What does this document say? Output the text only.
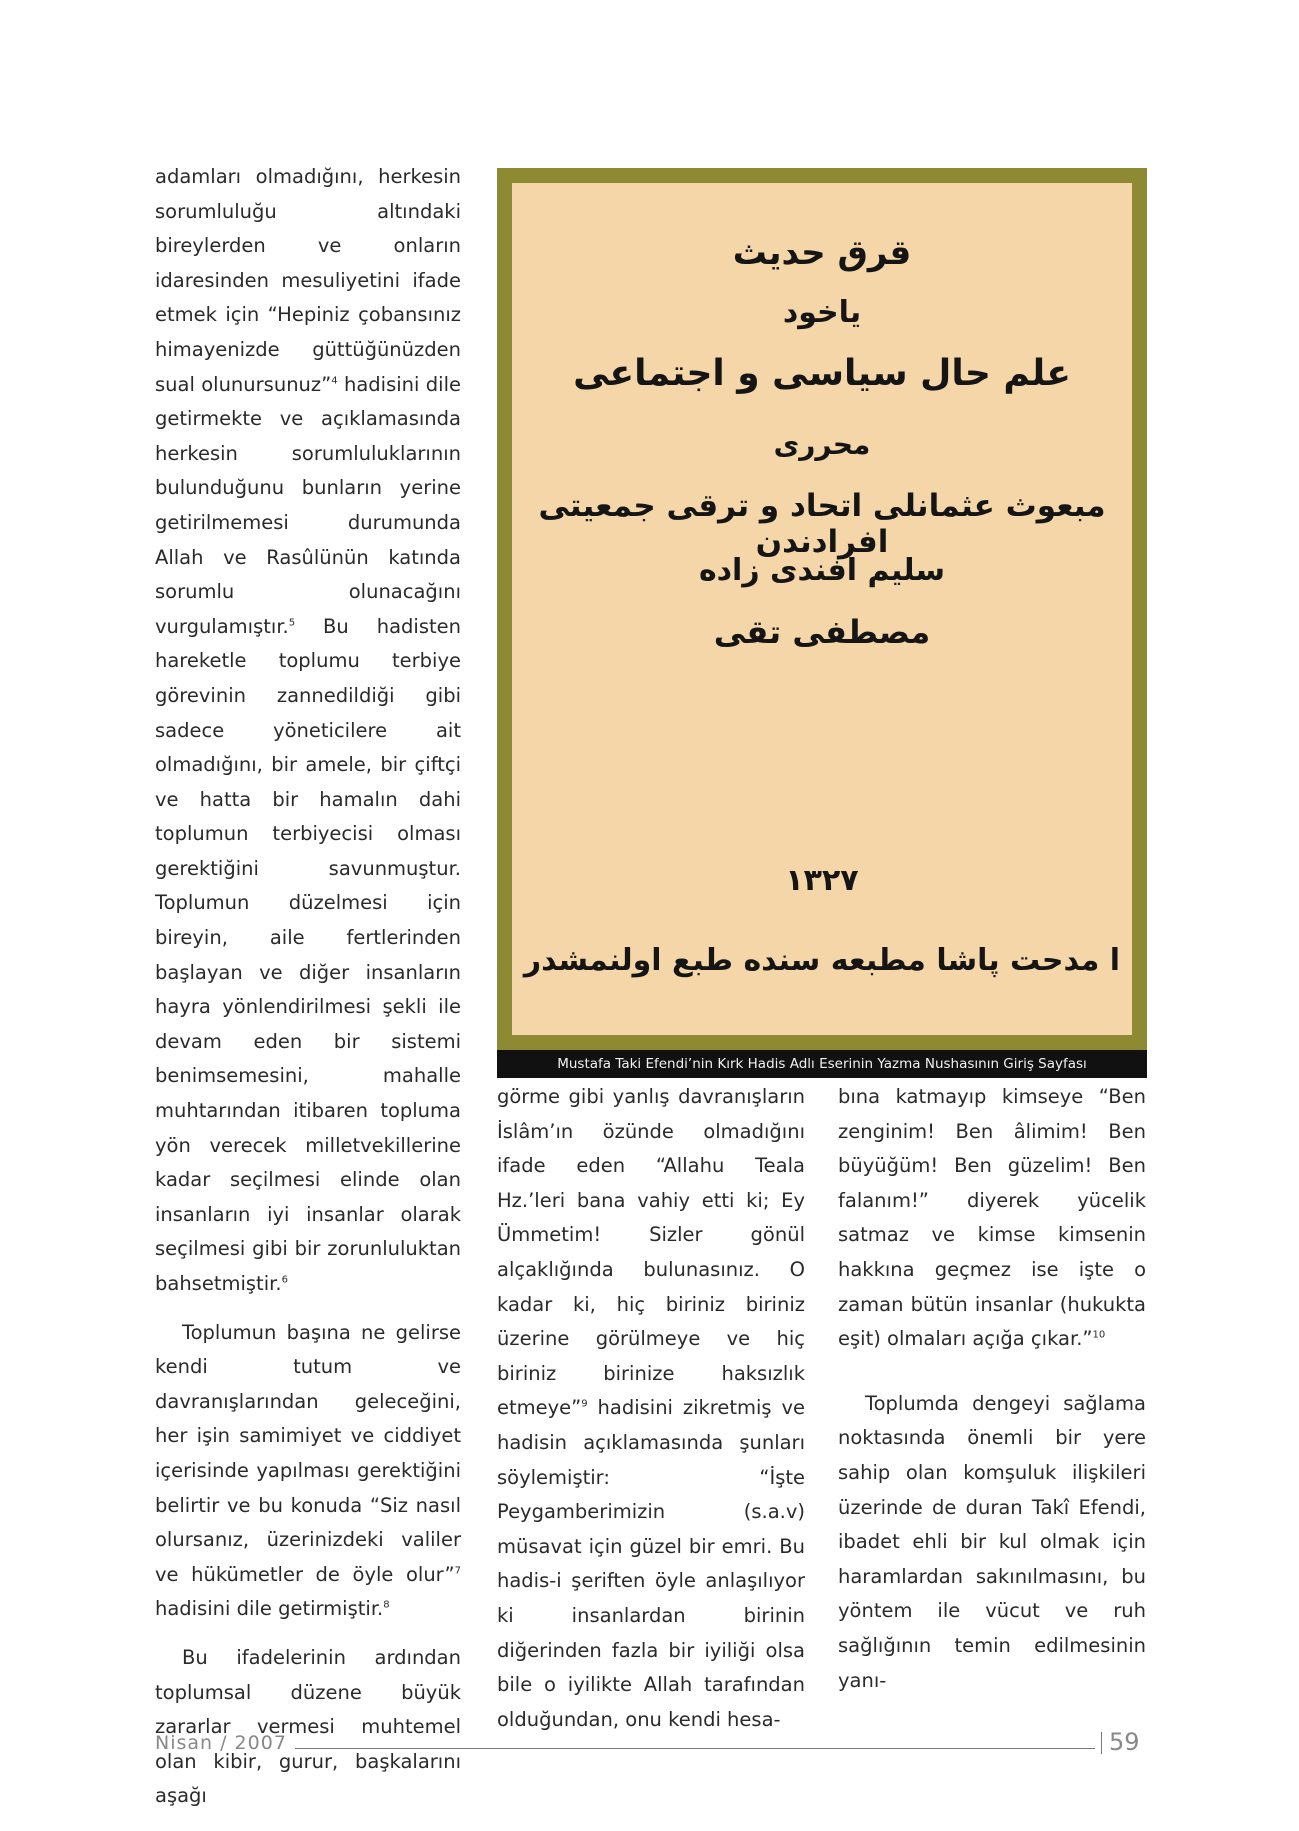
adamları olmadığını, herkesin sorumluluğu altındaki bireylerden ve onların idaresinden mesuliyetini ifade etmek için “Hepiniz çobansınız himayenizde güttüğünüzden sual olunursunuz”$^4$ hadisini dile getirmekte ve açıklamasında herkesin sorumluluklarının bulunduğunu bunların yerine getirilmemesi durumunda Allah ve Rasûlünün katında sorumlu olunacağını vurgulamıştır.$^5$ Bu hadisten hareketle toplumu terbiye görevinin zannedildiği gibi sadece yöneticilere ait olmadığını, bir amele, bir çiftçi ve hatta bir hamalın dahi toplumun terbiyecisi olması gerektiğini savunmuştur. Toplumun düzelmesi için bireyin, aile fertlerinden başlayan ve diğer insanların hayra yönlendirilmesi şekli ile devam eden bir sistemi benimsemesini, mahalle muhtarından itibaren topluma yön verecek milletvekillerine kadar seçilmesi elinde olan insanların iyi insanlar olarak seçilmesi gibi bir zorunluluktan bahsetmiştir.$^6$

Toplumun başına ne gelirse kendi tutum ve davranışlarından geleceğini, her işin samimiyet ve ciddiyet içerisinde yapılması gerektiğini belirtir ve bu konuda “Siz nasıl olursanız, üzerinizdeki valiler ve hükümetler de öyle olur”$^7$ hadisini dile getirmiştir.$^8$

Bu ifadelerinin ardından toplumsal düzene büyük zararlar vermesi muhtemel olan kibir, gurur, başkalarını aşağı

قرق حديث
ياخود
علم حال سياسى و اجتماعى
محررى
مبعوث عثمانلى اتحاد و ترقى جمعيتى افرادندن
سليم افندى زاده
مصطفى تقى
١٣٢٧
ا مدحت پاشا مطبعه سنده طبع اولنمشدر
Mustafa Taki Efendi’nin Kırk Hadis Adlı Eserinin Yazma Nushasının Giriş Sayfası

görme gibi yanlış davranışların İslâm’ın özünde olmadığını ifade eden “Allahu Teala Hz.’leri bana vahiy etti ki; Ey Ümmetim! Sizler gönül alçaklığında bulunasınız. O kadar ki, hiç biriniz biriniz üzerine görülmeye ve hiç biriniz birinize haksızlık etmeye”$^9$ hadisini zikretmiş ve hadisin açıklamasında şunları söylemiştir: “İşte Peygamberimizin (s.a.v) müsavat için güzel bir emri. Bu hadis-i şeriften öyle anlaşılıyor ki insanlardan birinin diğerinden fazla bir iyiliği olsa bile o iyilikte Allah tarafından olduğundan, onu kendi hesa-

bına katmayıp kimseye “Ben zenginim! Ben âlimim! Ben büyüğüm! Ben güzelim! Ben falanım!” diyerek yücelik satmaz ve kimse kimsenin hakkına geçmez ise işte o zaman bütün insanlar (hukukta eşit) olmaları açığa çıkar.”$^{10}$

Toplumda dengeyi sağlama noktasında önemli bir yere sahip olan komşuluk ilişkileri üzerinde de duran Takî Efendi, ibadet ehli bir kul olmak için haramlardan sakınılmasını, bu yöntem ile vücut ve ruh sağlığının temin edilmesinin yanı-

Nisan / 2007	59
